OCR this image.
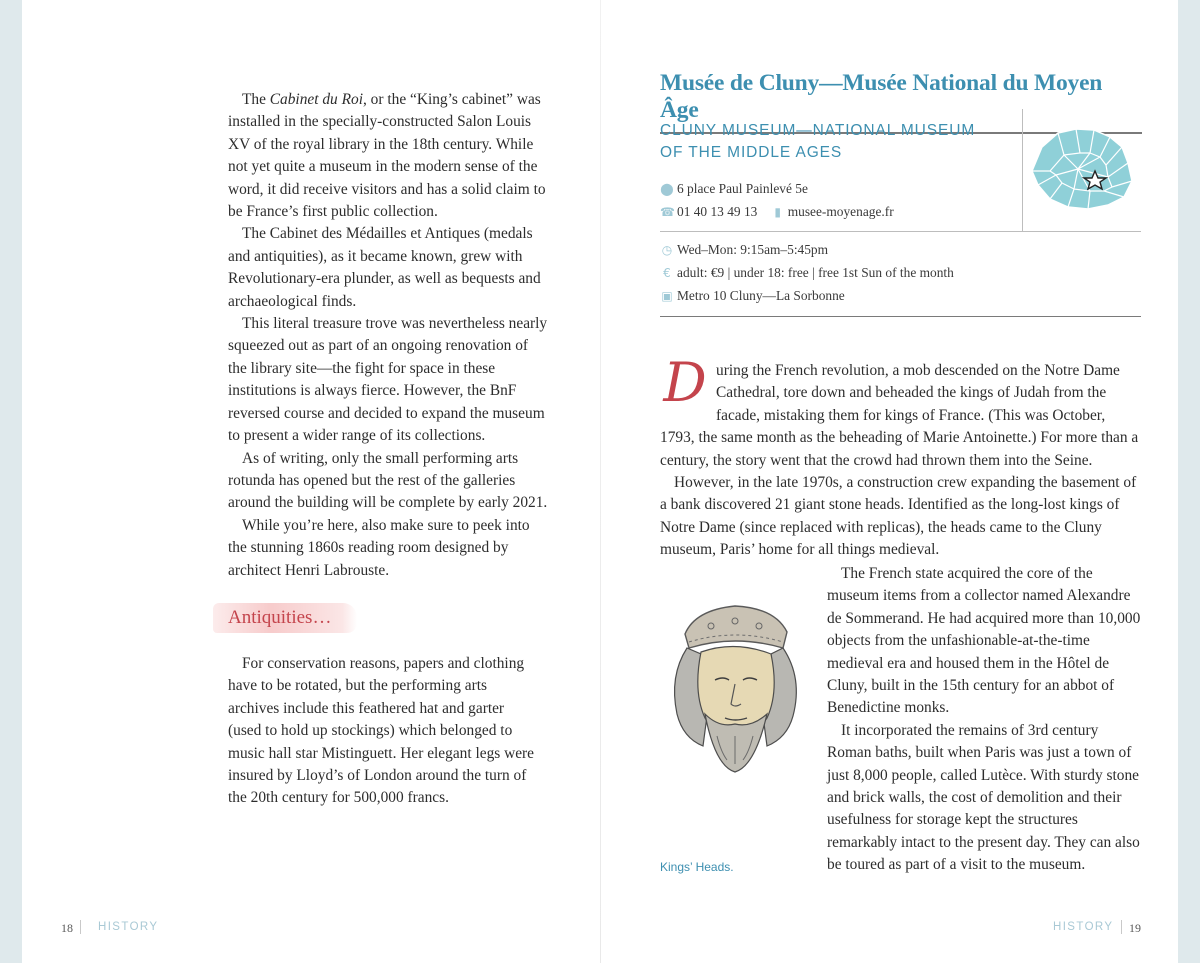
The Cabinet du Roi, or the “King’s cabinet” was installed in the specially-constructed Salon Louis XV of the royal library in the 18th century. While not yet quite a museum in the modern sense of the word, it did receive visitors and has a solid claim to be France’s first public collection.

The Cabinet des Médailles et Antiques (medals and antiquities), as it became known, grew with Revolutionary-era plunder, as well as bequests and archaeological finds.

This literal treasure trove was nevertheless nearly squeezed out as part of an ongoing renovation of the library site—the fight for space in these institutions is always fierce. However, the BnF reversed course and decided to expand the museum to present a wider range of its collections.

As of writing, only the small performing arts rotunda has opened but the rest of the galleries around the building will be complete by early 2021.

While you’re here, also make sure to peek into the stunning 1860s reading room designed by architect Henri Labrouste.

Antiquities…

For conservation reasons, papers and clothing have to be rotated, but the performing arts archives include this feathered hat and garter (used to hold up stockings) which belonged to music hall star Mistinguett. Her elegant legs were insured by Lloyd’s of London around the turn of the 20th century for 500,000 francs.

18 HISTORY
Musée de Cluny—Musée National du Moyen Âge
CLUNY MUSEUM—NATIONAL MUSEUM OF THE MIDDLE AGES
⬤ 6 place Paul Painlevé 5e
☎ 01 40 13 49 13 ▮ musee-moyenage.fr
◷ Wed–Mon: 9:15am–5:45pm
€ adult: €9 | under 18: free | free 1st Sun of the month
▣ Metro 10 Cluny—La Sorbonne

During the French revolution, a mob descended on the Notre Dame Cathedral, tore down and beheaded the kings of Judah from the facade, mistaking them for kings of France. (This was October, 1793, the same month as the beheading of Marie Antoinette.) For more than a century, the story went that the crowd had thrown them into the Seine.

However, in the late 1970s, a construction crew expanding the basement of a bank discovered 21 giant stone heads. Identified as the long-lost kings of Notre Dame (since replaced with replicas), the heads came to the Cluny museum, Paris’ home for all things medieval.

Kings’ Heads.

The French state acquired the core of the museum items from a collector named Alexandre de Sommerand. He had acquired more than 10,000 objects from the unfashionable-at-the-time medieval era and housed them in the Hôtel de Cluny, built in the 15th century for an abbot of Benedictine monks.

It incorporated the remains of 3rd century Roman baths, built when Paris was just a town of just 8,000 people, called Lutèce. With sturdy stone and brick walls, the cost of demolition and their usefulness for storage kept the structures remarkably intact to the present day. They can also be toured as part of a visit to the museum.

HISTORY 19
